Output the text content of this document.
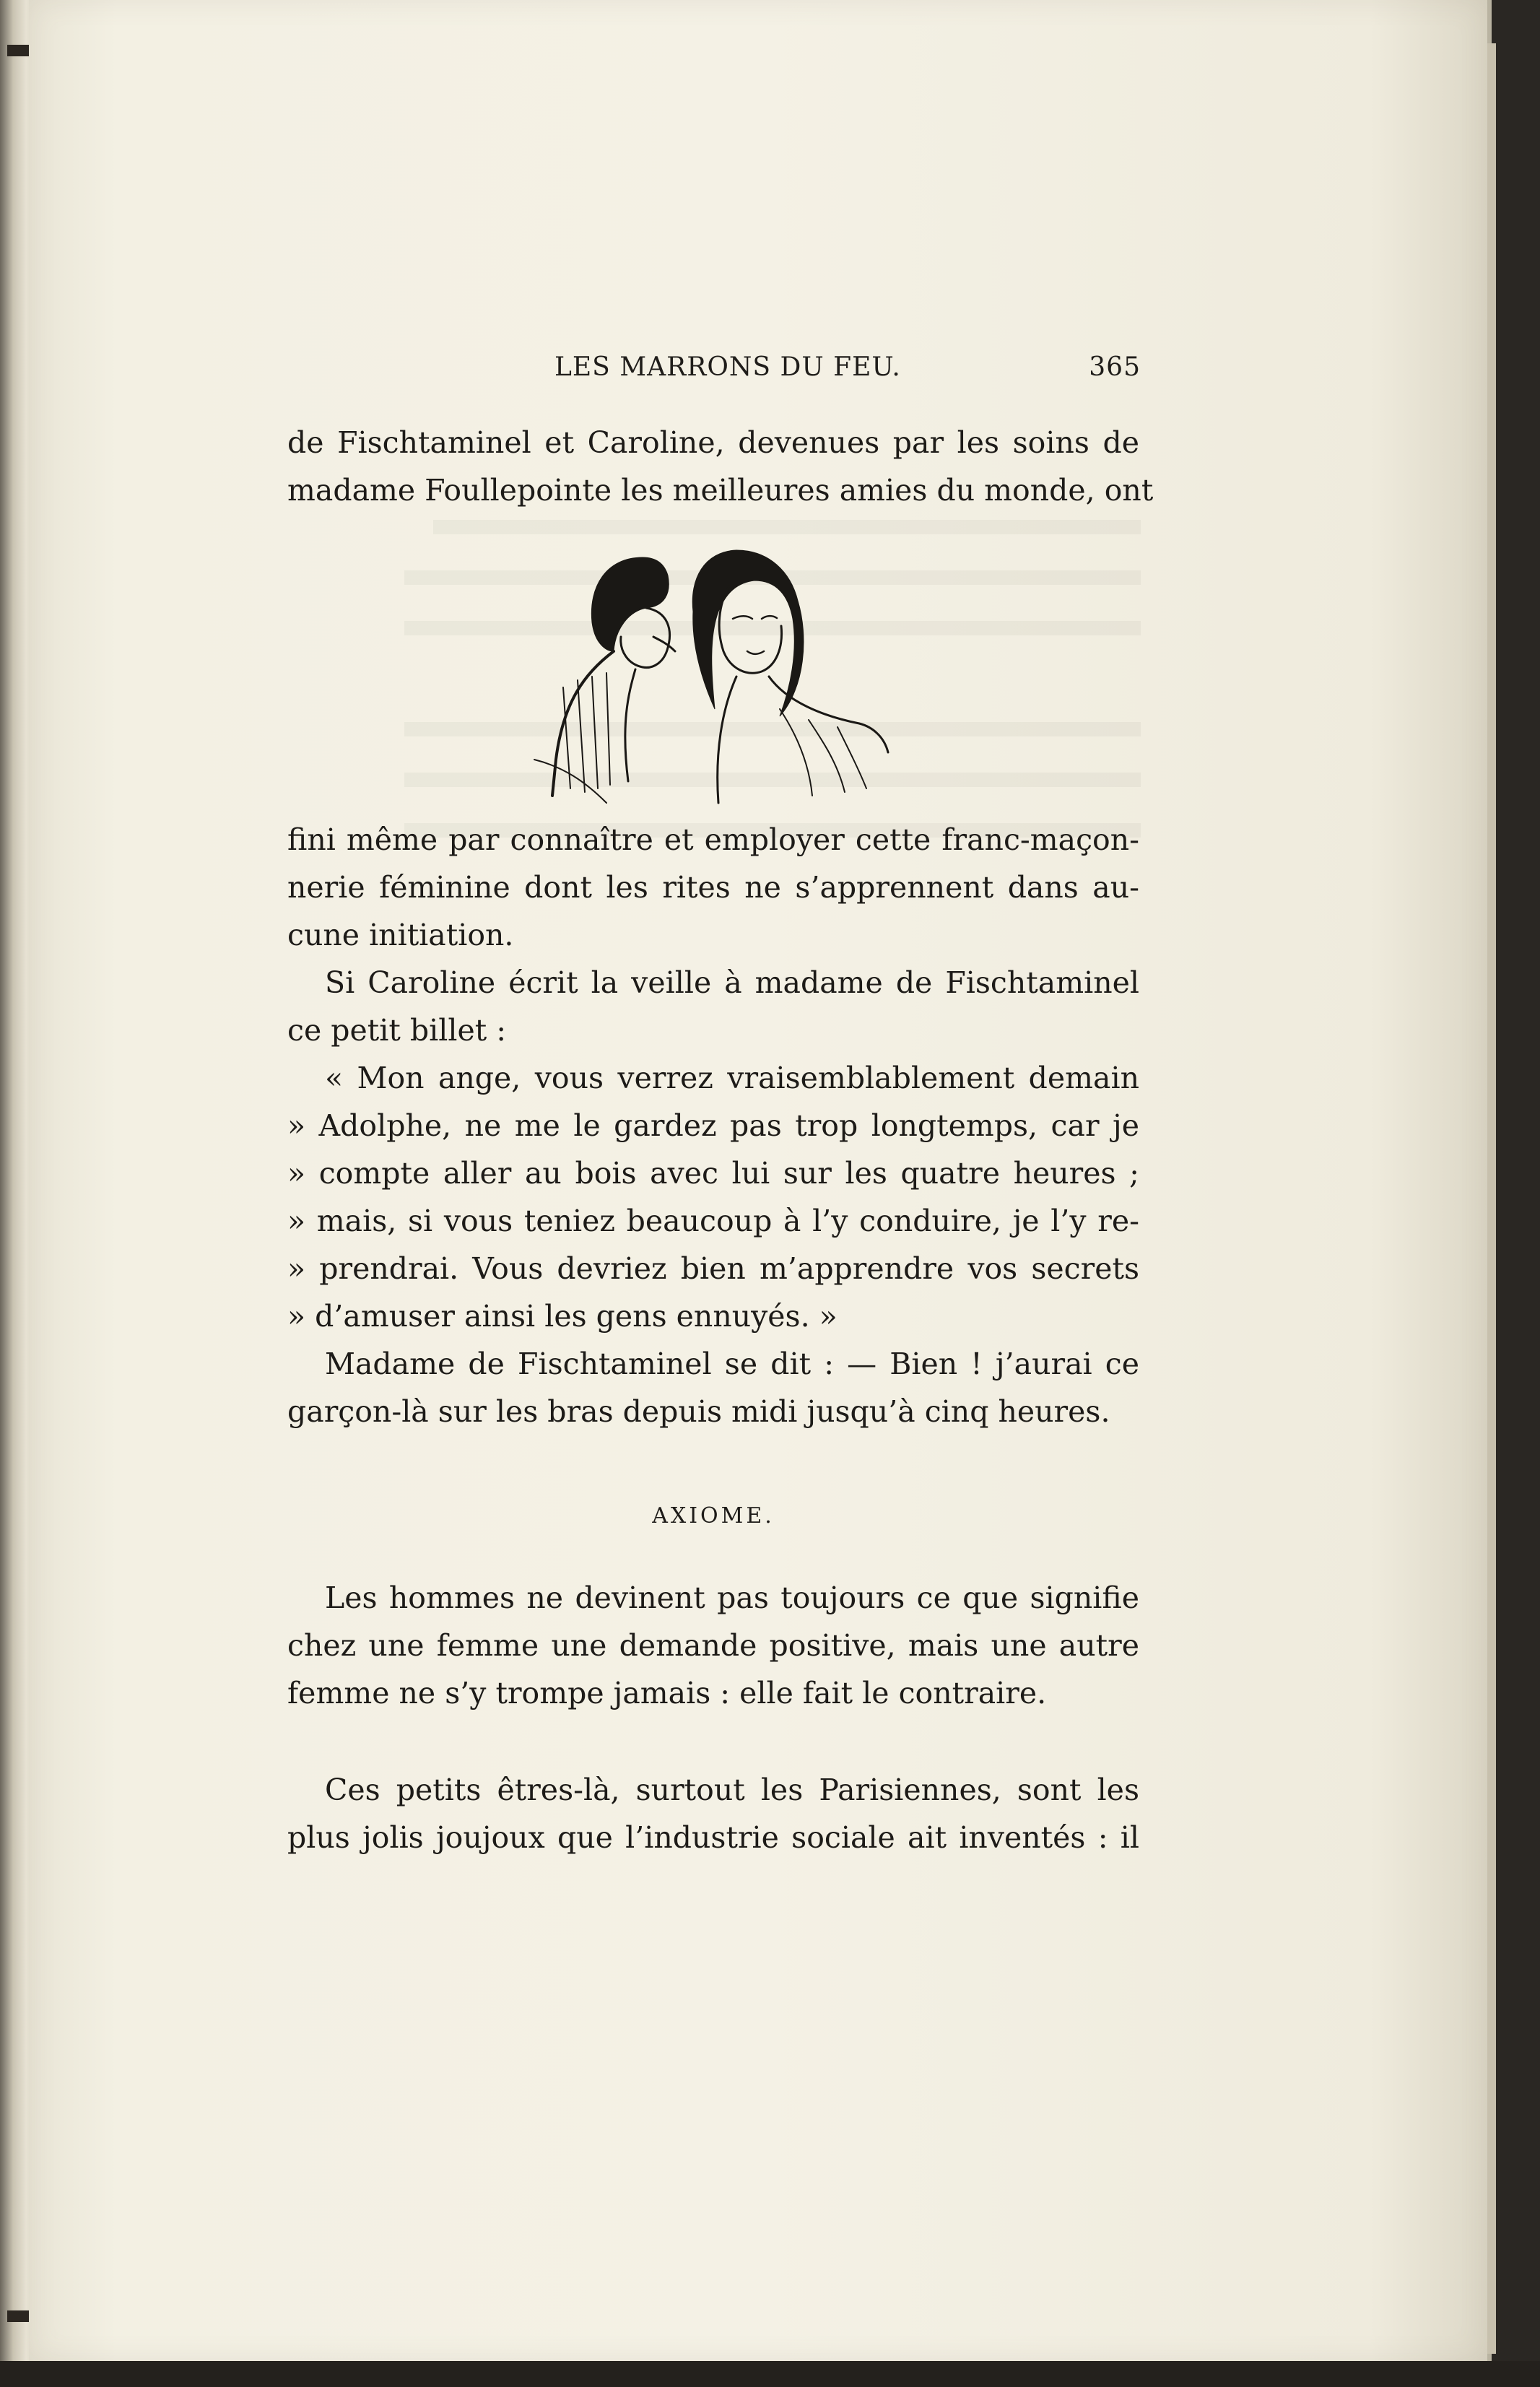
LES MARRONS DU FEU.	365
de Fischtaminel et Caroline, devenues par les soins de
madame Foullepointe les meilleures amies du monde, ont
fini même par connaître et employer cette franc-maçon-
nerie féminine dont les rites ne s’apprennent dans au-
cune initiation.
Si Caroline écrit la veille à madame de Fischtaminel
ce petit billet :
« Mon ange, vous verrez vraisemblablement demain
» Adolphe, ne me le gardez pas trop longtemps, car je
» compte aller au bois avec lui sur les quatre heures ;
» mais, si vous teniez beaucoup à l’y conduire, je l’y re-
» prendrai. Vous devriez bien m’apprendre vos secrets
» d’amuser ainsi les gens ennuyés. »
Madame de Fischtaminel se dit : — Bien ! j’aurai ce
garçon-là sur les bras depuis midi jusqu’à cinq heures.
AXIOME.
Les hommes ne devinent pas toujours ce que signifie
chez une femme une demande positive, mais une autre
femme ne s’y trompe jamais : elle fait le contraire.
Ces petits êtres-là, surtout les Parisiennes, sont les
plus jolis joujoux que l’industrie sociale ait inventés : il
